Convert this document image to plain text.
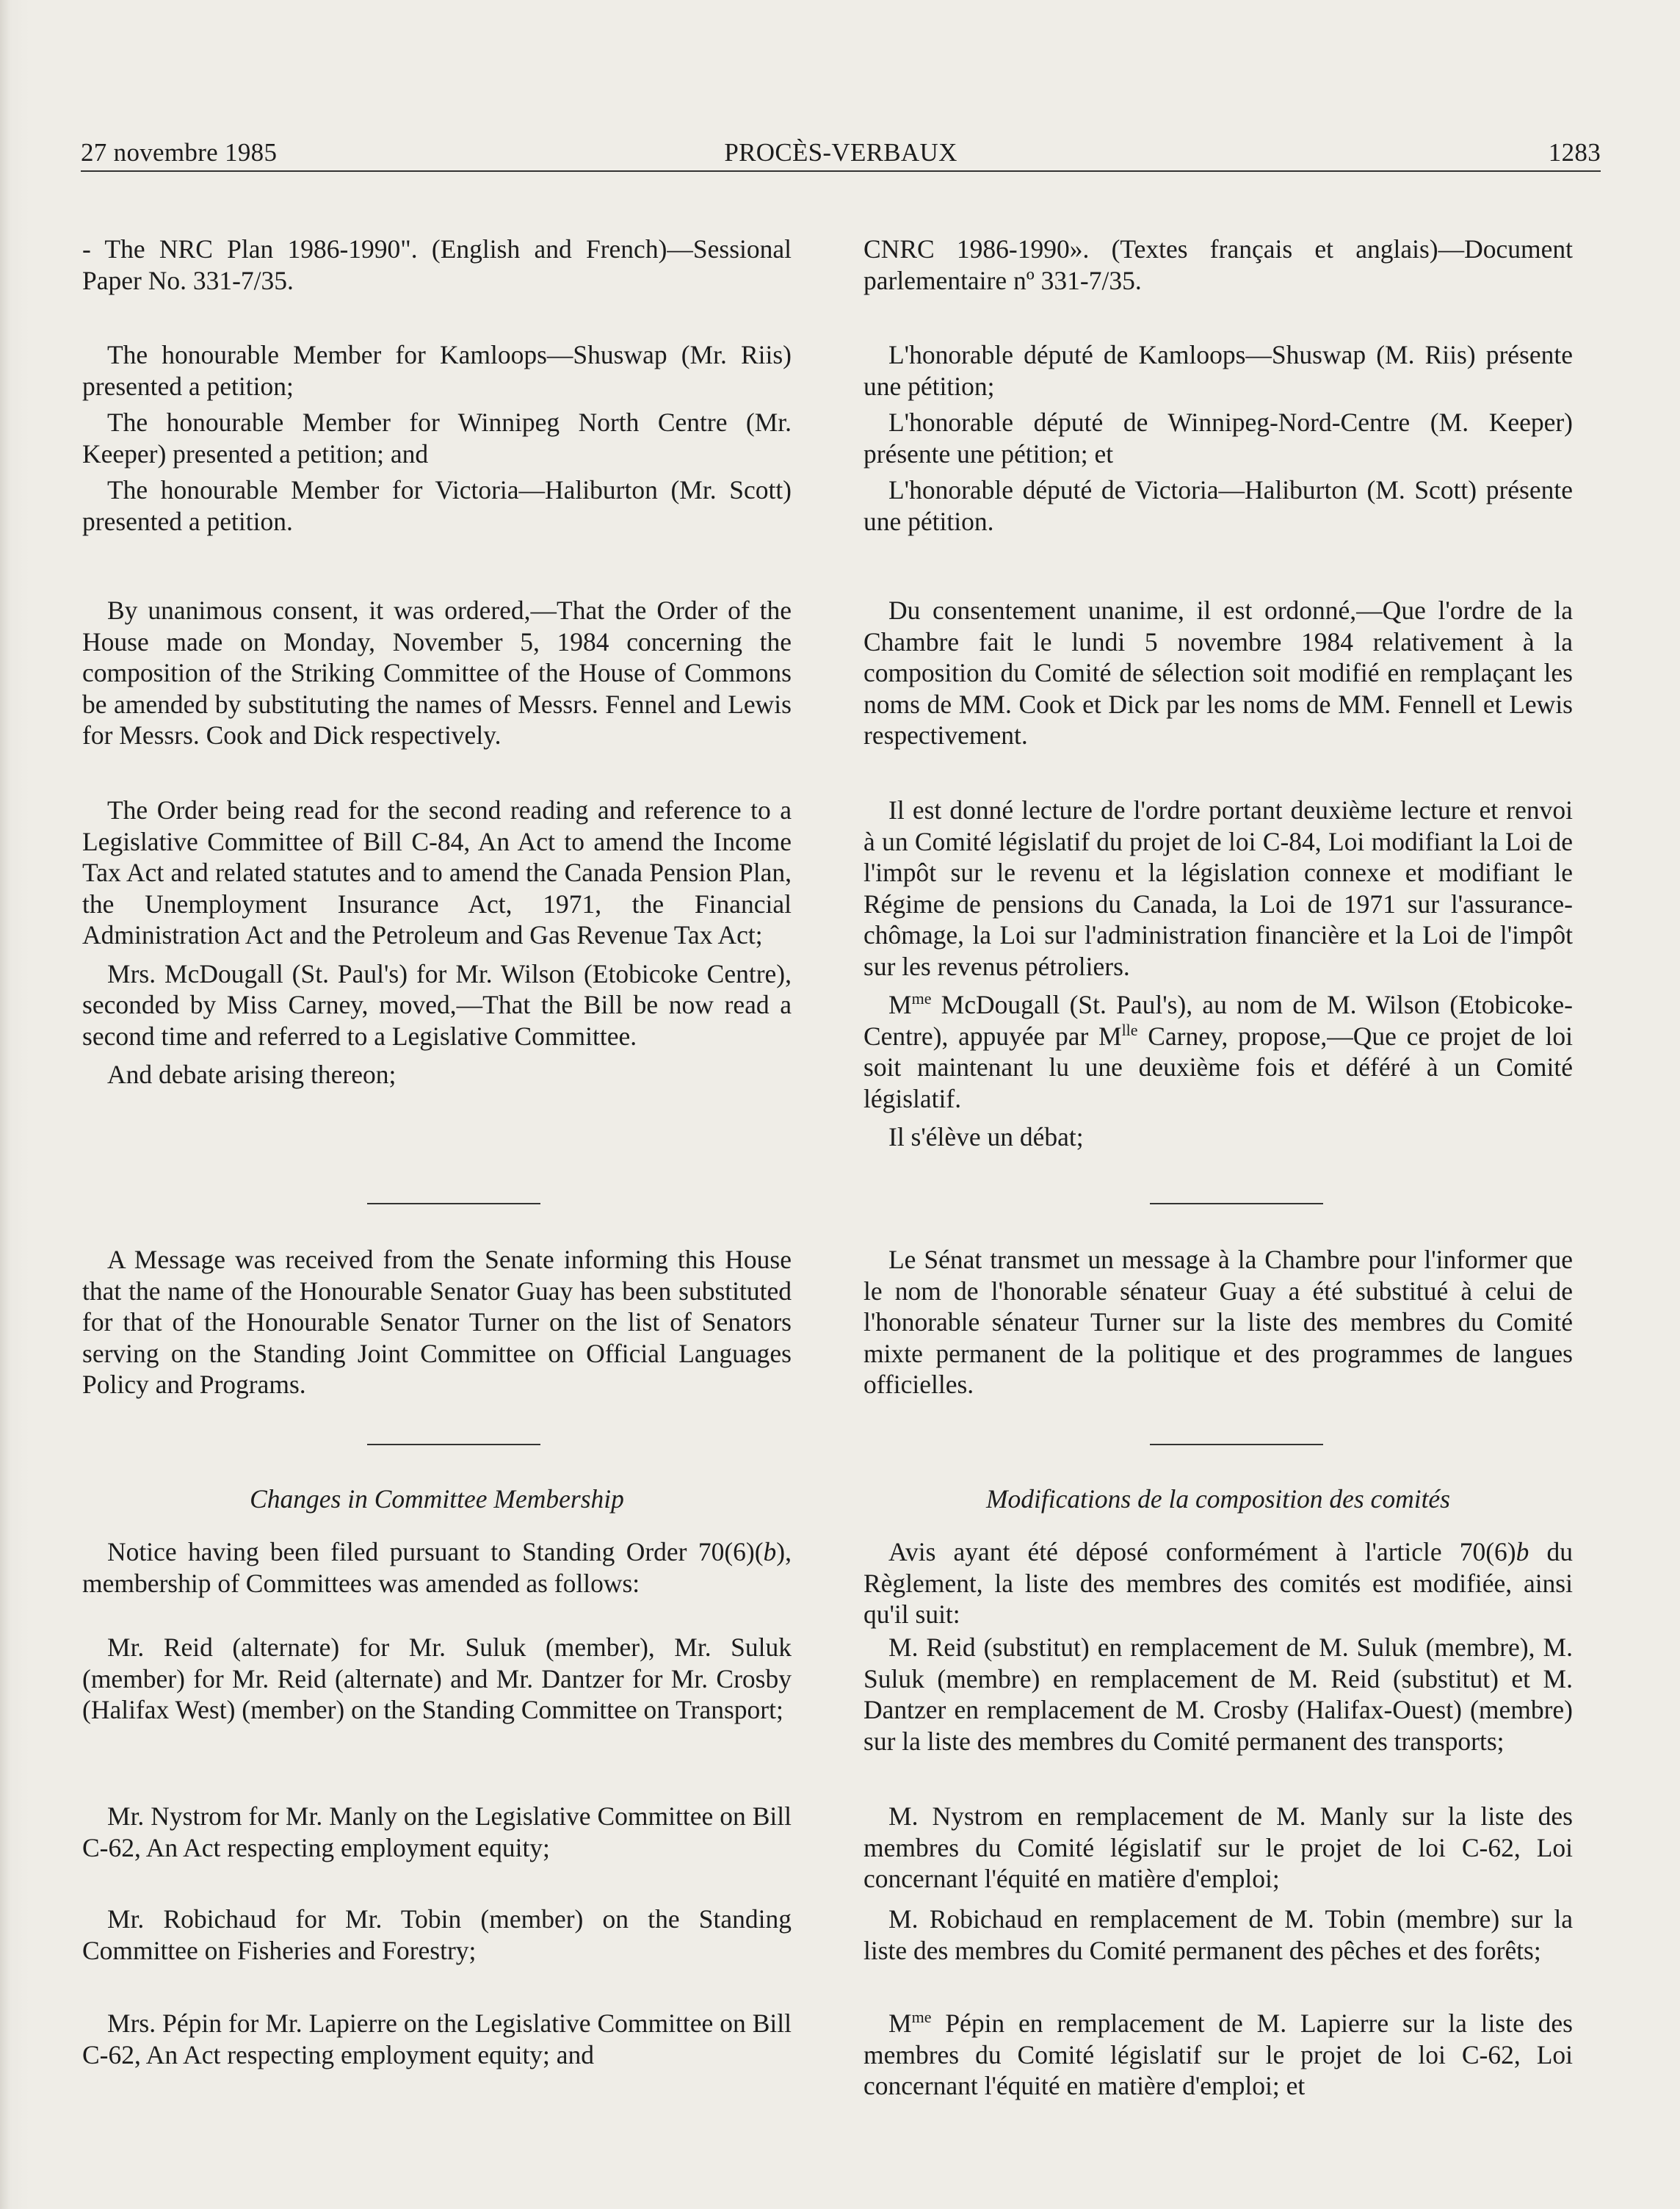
27 novembre 1985	PROCÈS-VERBAUX	1283

- The NRC Plan 1986-1990". (English and French)—Sessional Paper No. 331-7/35.

The honourable Member for Kamloops—Shuswap (Mr. Riis) presented a petition;

The honourable Member for Winnipeg North Centre (Mr. Keeper) presented a petition; and

The honourable Member for Victoria—Haliburton (Mr. Scott) presented a petition.

By unanimous consent, it was ordered,—That the Order of the House made on Monday, November 5, 1984 concerning the composition of the Striking Committee of the House of Commons be amended by substituting the names of Messrs. Fennel and Lewis for Messrs. Cook and Dick respectively.

The Order being read for the second reading and reference to a Legislative Committee of Bill C-84, An Act to amend the Income Tax Act and related statutes and to amend the Canada Pension Plan, the Unemployment Insurance Act, 1971, the Financial Administration Act and the Petroleum and Gas Revenue Tax Act;

Mrs. McDougall (St. Paul's) for Mr. Wilson (Etobicoke Centre), seconded by Miss Carney, moved,—That the Bill be now read a second time and referred to a Legislative Committee.

And debate arising thereon;

A Message was received from the Senate informing this House that the name of the Honourable Senator Guay has been substituted for that of the Honourable Senator Turner on the list of Senators serving on the Standing Joint Committee on Official Languages Policy and Programs.

Changes in Committee Membership

Notice having been filed pursuant to Standing Order 70(6)(b), membership of Committees was amended as follows:

Mr. Reid (alternate) for Mr. Suluk (member), Mr. Suluk (member) for Mr. Reid (alternate) and Mr. Dantzer for Mr. Crosby (Halifax West) (member) on the Standing Committee on Transport;

Mr. Nystrom for Mr. Manly on the Legislative Committee on Bill C-62, An Act respecting employment equity;

Mr. Robichaud for Mr. Tobin (member) on the Standing Committee on Fisheries and Forestry;

Mrs. Pépin for Mr. Lapierre on the Legislative Committee on Bill C-62, An Act respecting employment equity; and

CNRC 1986-1990». (Textes français et anglais)—Document parlementaire nº 331-7/35.

L'honorable député de Kamloops—Shuswap (M. Riis) présente une pétition;

L'honorable député de Winnipeg-Nord-Centre (M. Keeper) présente une pétition; et

L'honorable député de Victoria—Haliburton (M. Scott) présente une pétition.

Du consentement unanime, il est ordonné,—Que l'ordre de la Chambre fait le lundi 5 novembre 1984 relativement à la composition du Comité de sélection soit modifié en remplaçant les noms de MM. Cook et Dick par les noms de MM. Fennell et Lewis respectivement.

Il est donné lecture de l'ordre portant deuxième lecture et renvoi à un Comité législatif du projet de loi C-84, Loi modifiant la Loi de l'impôt sur le revenu et la législation connexe et modifiant le Régime de pensions du Canada, la Loi de 1971 sur l'assurance-chômage, la Loi sur l'administration financière et la Loi de l'impôt sur les revenus pétroliers.

$M^{me}$ McDougall (St. Paul's), au nom de M. Wilson (Etobicoke-Centre), appuyée par $M^{lle}$ Carney, propose,—Que ce projet de loi soit maintenant lu une deuxième fois et déféré à un Comité législatif.

Il s'élève un débat;

Le Sénat transmet un message à la Chambre pour l'informer que le nom de l'honorable sénateur Guay a été substitué à celui de l'honorable sénateur Turner sur la liste des membres du Comité mixte permanent de la politique et des programmes de langues officielles.

Modifications de la composition des comités

Avis ayant été déposé conformément à l'article 70(6)b du Règlement, la liste des membres des comités est modifiée, ainsi qu'il suit:

M. Reid (substitut) en remplacement de M. Suluk (membre), M. Suluk (membre) en remplacement de M. Reid (substitut) et M. Dantzer en remplacement de M. Crosby (Halifax-Ouest) (membre) sur la liste des membres du Comité permanent des transports;

M. Nystrom en remplacement de M. Manly sur la liste des membres du Comité législatif sur le projet de loi C-62, Loi concernant l'équité en matière d'emploi;

M. Robichaud en remplacement de M. Tobin (membre) sur la liste des membres du Comité permanent des pêches et des forêts;

$M^{me}$ Pépin en remplacement de M. Lapierre sur la liste des membres du Comité législatif sur le projet de loi C-62, Loi concernant l'équité en matière d'emploi; et
